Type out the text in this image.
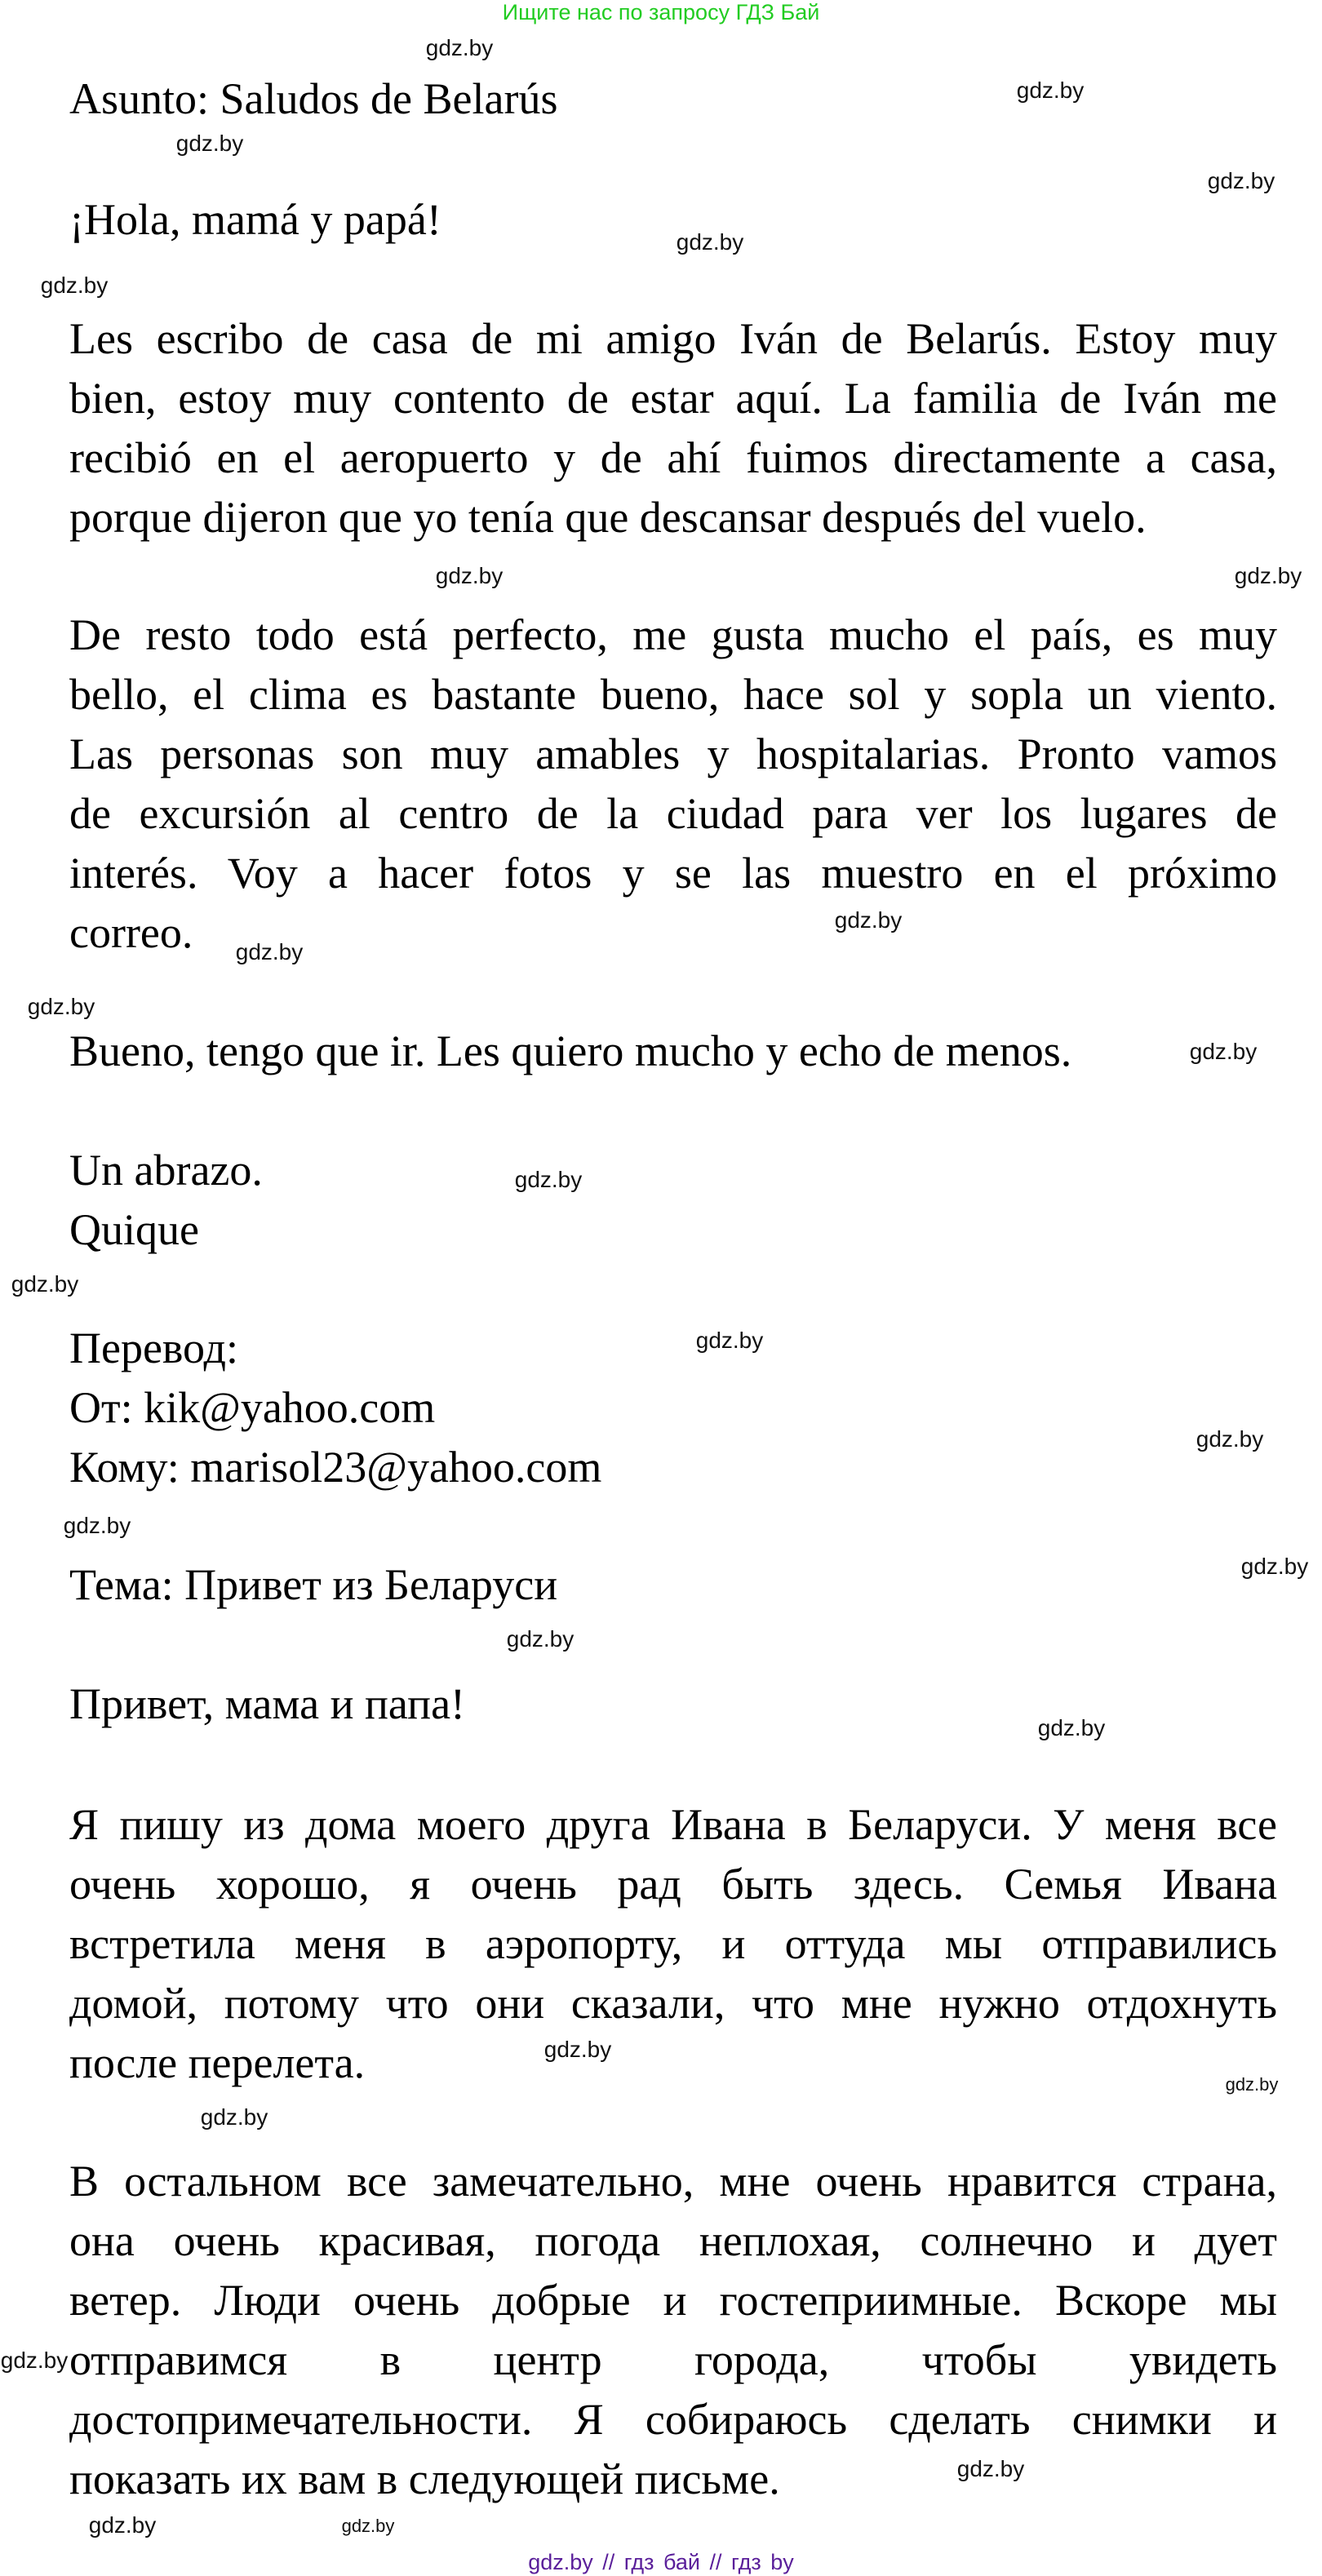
Ищите нас по запросу ГДЗ Бай
Asunto: Saludos de Belarús
¡Hola, mamá y papá!
Les escribo de casa de mi amigo Iván de Belarús. Estoy muy
bien, estoy muy contento de estar aquí. La familia de Iván me
recibió en el aeropuerto y de ahí fuimos directamente a casa,
porque dijeron que yo tenía que descansar después del vuelo.
De resto todo está perfecto, me gusta mucho el país, es muy
bello, el clima es bastante bueno, hace sol y sopla un viento.
Las personas son muy amables y hospitalarias. Pronto vamos
de excursión al centro de la ciudad para ver los lugares de
interés. Voy a hacer fotos y se las muestro en el próximo
correo.
Bueno, tengo que ir. Les quiero mucho y echo de menos.
Un abrazo.
Quique
Перевод:
От: kik@yahoo.com
Кому: marisol23@yahoo.com
Тема: Привет из Беларуси
Привет, мама и папа!
Я пишу из дома моего друга Ивана в Беларуси. У меня все
очень хорошо, я очень рад быть здесь. Семья Ивана
встретила меня в аэропорту, и оттуда мы отправились
домой, потому что они сказали, что мне нужно отдохнуть
после перелета.
В остальном все замечательно, мне очень нравится страна,
она очень красивая, погода неплохая, солнечно и дует
ветер. Люди очень добрые и гостеприимные. Вскоре мы
отправимся в центр города, чтобы увидеть
достопримечательности. Я собираюсь сделать снимки и
показать их вам в следующей письме.
gdz.by
gdz.by
gdz.by
gdz.by
gdz.by
gdz.by
gdz.by
gdz.by
gdz.by
gdz.by
gdz.by
gdz.by
gdz.by
gdz.by
gdz.by
gdz.by
gdz.by
gdz.by
gdz.by
gdz.by
gdz.by
gdz.by
gdz.by
gdz.by
gdz.by
gdz.by
gdz.by
gdz.by // гдз бай // гдз by
